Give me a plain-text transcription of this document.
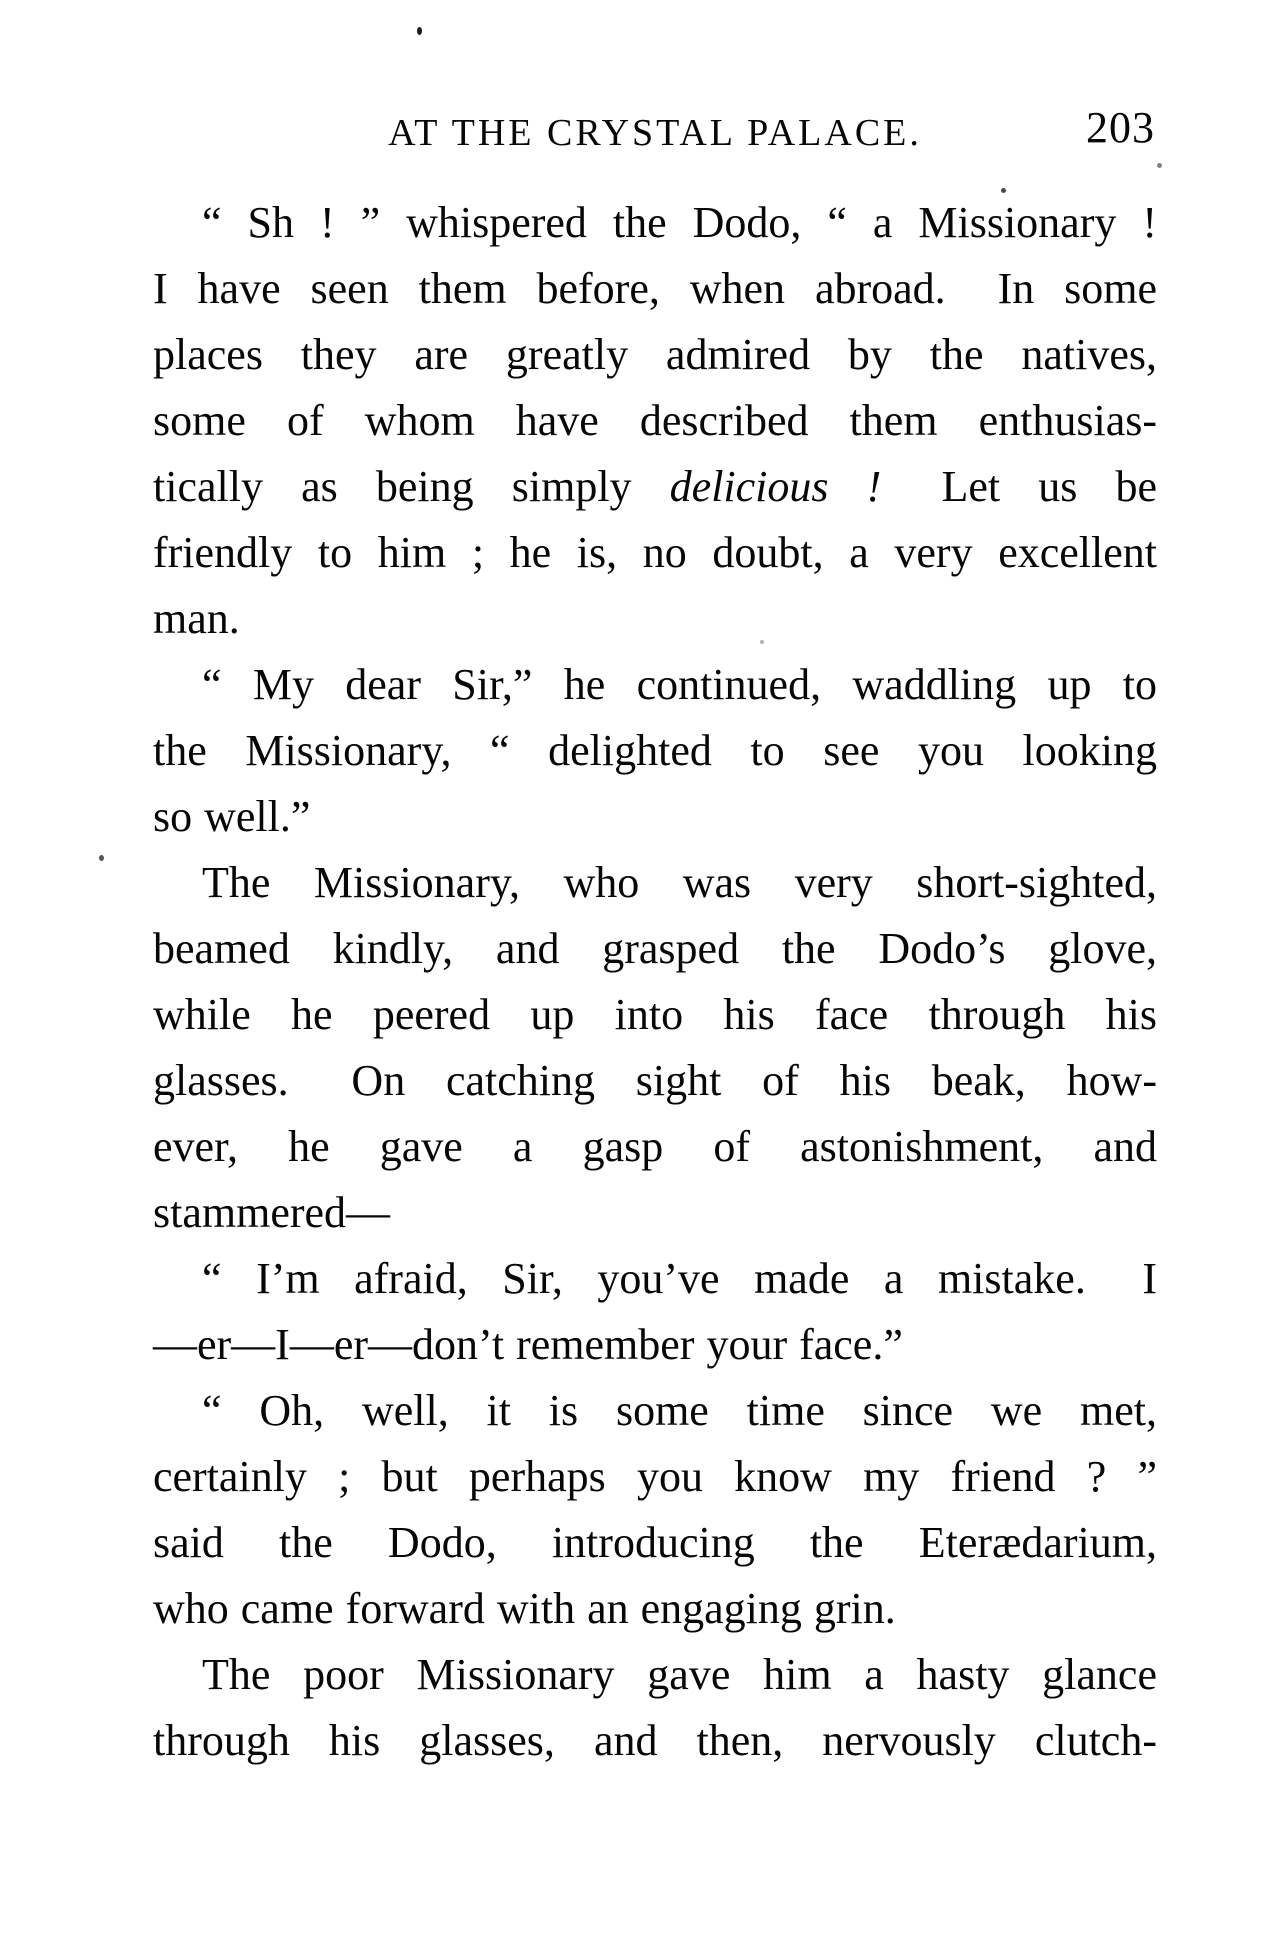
AT THE CRYSTAL PALACE.	203
“ Sh ! ” whispered the Dodo, “ a Missionary !
I have seen them before, when abroad.  In some
places they are greatly admired by the natives,
some of whom have described them enthusias-
tically as being simply delicious !  Let us be
friendly to him ; he is, no doubt, a very excellent
man.
“ My dear Sir,” he continued, waddling up to
the Missionary, “ delighted to see you looking
so well.”
The Missionary, who was very short-sighted,
beamed kindly, and grasped the Dodo’s glove,
while he peered up into his face through his
glasses.  On catching sight of his beak, how-
ever, he gave a gasp of astonishment, and
stammered—
“ I’m afraid, Sir, you’ve made a mistake.  I
—er—I—er—don’t remember your face.”
“ Oh, well, it is some time since we met,
certainly ; but perhaps you know my friend ? ”
said the Dodo, introducing the Eterædarium,
who came forward with an engaging grin.
The poor Missionary gave him a hasty glance
through his glasses, and then, nervously clutch-
